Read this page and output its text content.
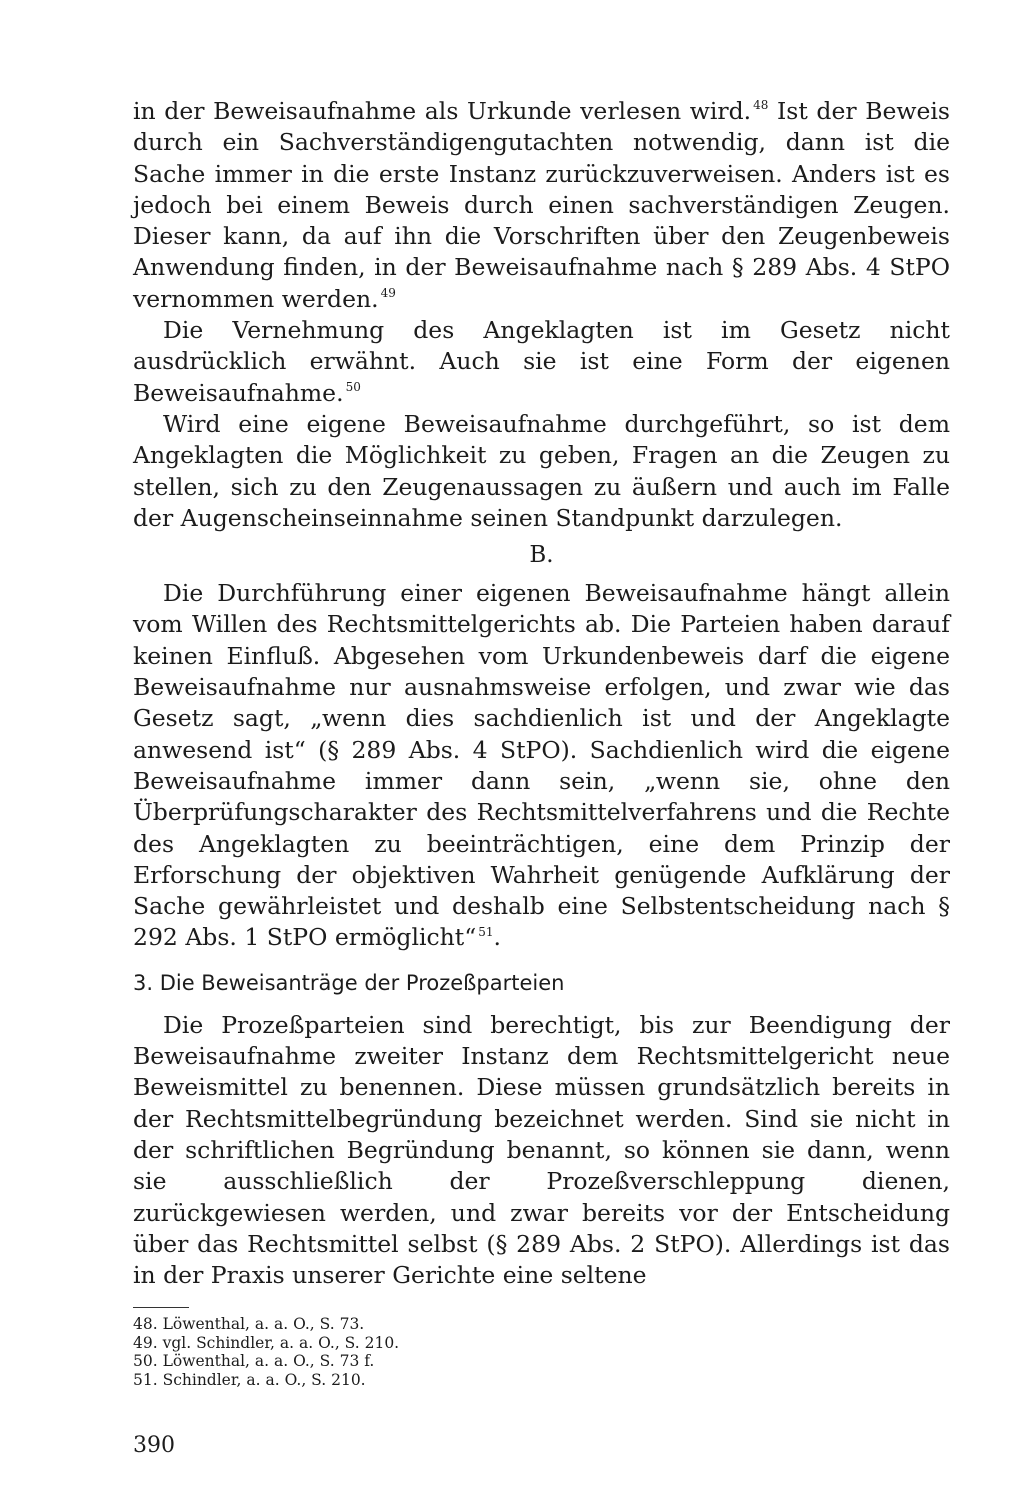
in der Beweisaufnahme als Urkunde verlesen wird. $^{48}$ Ist der Beweis durch ein Sachverständigengutachten notwendig, dann ist die Sache immer in die erste Instanz zurückzuverweisen. Anders ist es jedoch bei einem Beweis durch einen sachverständigen Zeugen. Dieser kann, da auf ihn die Vorschriften über den Zeugenbeweis Anwendung finden, in der Beweisaufnahme nach § 289 Abs. 4 StPO vernommen werden. $^{49}$

Die Vernehmung des Angeklagten ist im Gesetz nicht ausdrücklich erwähnt. Auch sie ist eine Form der eigenen Beweisaufnahme. $^{50}$

Wird eine eigene Beweisaufnahme durchgeführt, so ist dem Angeklagten die Möglichkeit zu geben, Fragen an die Zeugen zu stellen, sich zu den Zeugenaussagen zu äußern und auch im Falle der Augenscheinseinnahme seinen Standpunkt darzulegen.

B.

Die Durchführung einer eigenen Beweisaufnahme hängt allein vom Willen des Rechtsmittelgerichts ab. Die Parteien haben darauf keinen Einfluß. Abgesehen vom Urkundenbeweis darf die eigene Beweisaufnahme nur ausnahmsweise erfolgen, und zwar wie das Gesetz sagt, „wenn dies sachdienlich ist und der Angeklagte anwesend ist“ (§ 289 Abs. 4 StPO). Sachdienlich wird die eigene Beweisaufnahme immer dann sein, „wenn sie, ohne den Überprüfungscharakter des Rechtsmittelverfahrens und die Rechte des Angeklagten zu beeinträchtigen, eine dem Prinzip der Erforschung der objektiven Wahrheit genügende Aufklärung der Sache gewährleistet und deshalb eine Selbstentscheidung nach § 292 Abs. 1 StPO ermöglicht“ $^{51}$.

3. Die Beweisanträge der Prozeßparteien

Die Prozeßparteien sind berechtigt, bis zur Beendigung der Beweisaufnahme zweiter Instanz dem Rechtsmittelgericht neue Beweismittel zu benennen. Diese müssen grundsätzlich bereits in der Rechtsmittelbegründung bezeichnet werden. Sind sie nicht in der schriftlichen Begründung benannt, so können sie dann, wenn sie ausschließlich der Prozeßverschleppung dienen, zurückgewiesen werden, und zwar bereits vor der Entscheidung über das Rechtsmittel selbst (§ 289 Abs. 2 StPO). Allerdings ist das in der Praxis unserer Gerichte eine seltene

48. Löwenthal, a. a. O., S. 73.

49. vgl. Schindler, a. a. O., S. 210.

50. Löwenthal, a. a. O., S. 73 f.

51. Schindler, a. a. O., S. 210.

390
